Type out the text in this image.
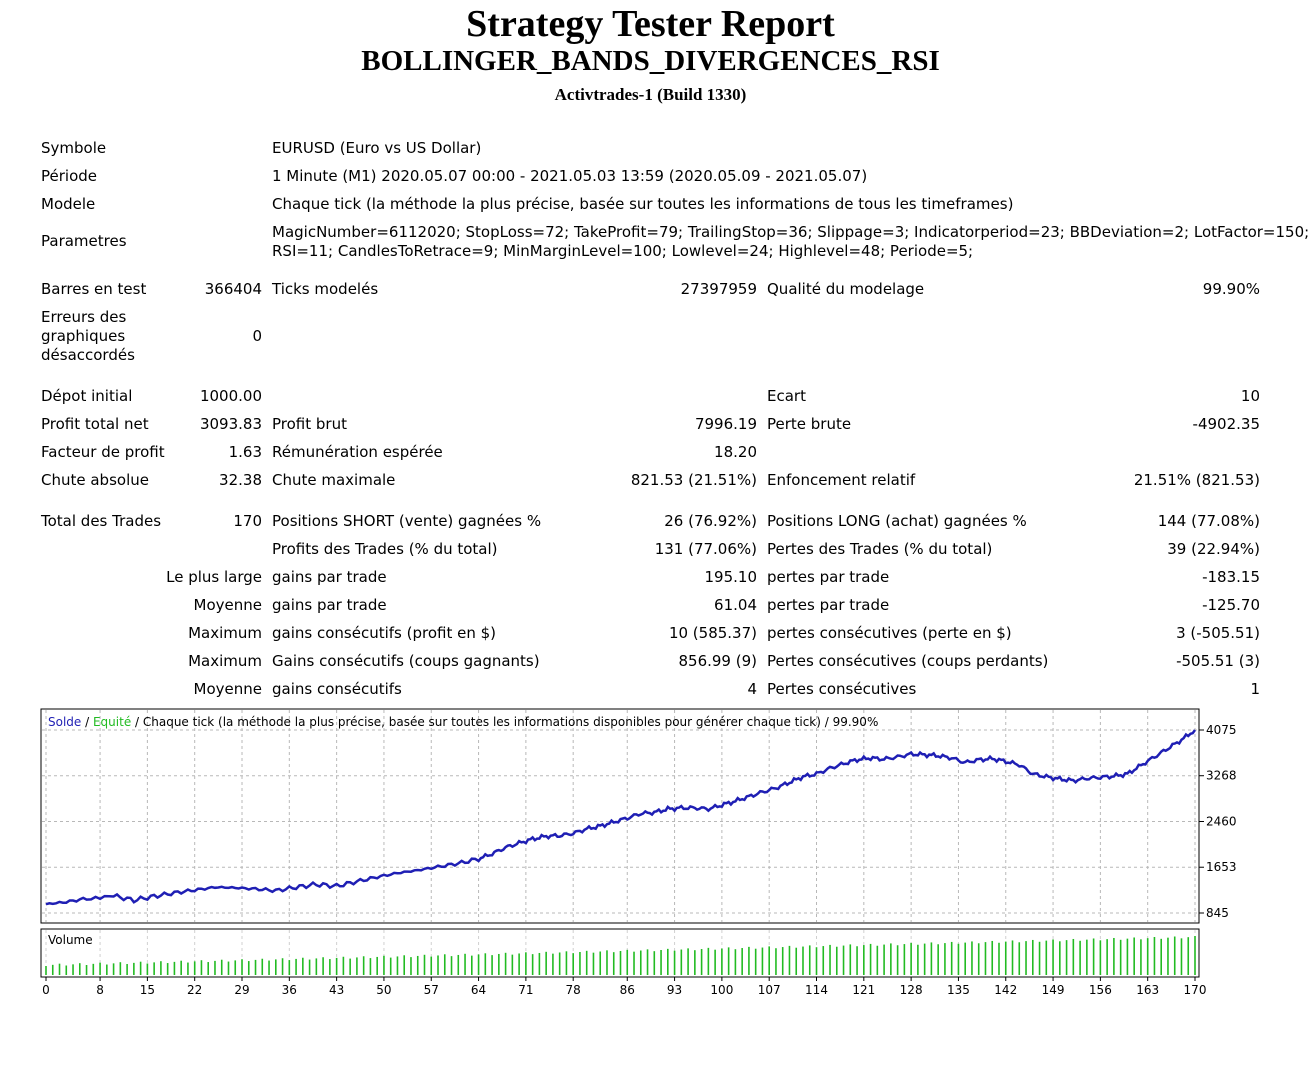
Strategy Tester Report
BOLLINGER_BANDS_DIVERGENCES_RSI
Activtrades-1 (Build 1330)
Symbole	EURUSD (Euro vs US Dollar)
Période	1 Minute (M1) 2020.05.07 00:00 - 2021.05.03 13:59 (2020.05.09 - 2021.05.07)
Modele	Chaque tick (la méthode la plus précise, basée sur toutes les informations de tous les timeframes)
Parametres	MagicNumber=6112020; StopLoss=72; TakeProfit=79; TrailingStop=36; Slippage=3; Indicatorperiod=23; BBDeviation=2; LotFactor=150;
RSI=11; CandlesToRetrace=9; MinMarginLevel=100; Lowlevel=24; Highlevel=48; Periode=5;
Barres en test	366404 Ticks modelés	27397959 Qualité du modelage	99.90%
Erreurs des graphiques désaccordés
0
Dépot initial	1000.00	Ecart	10
Profit total net	3093.83 Profit brut	7996.19 Perte brute	-4902.35
Facteur de profit	1.63 Rémunération espérée	18.20
Chute absolue	32.38 Chute maximale	821.53 (21.51%) Enfoncement relatif	21.51% (821.53)
Total des Trades	170 Positions SHORT (vente) gagnées %	26 (76.92%) Positions LONG (achat) gagnées %	144 (77.08%)
Profits des Trades (% du total)	131 (77.06%) Pertes des Trades (% du total)	39 (22.94%)
Le plus large gains par trade	195.10 pertes par trade	-183.15
Moyenne gains par trade	61.04 pertes par trade	-125.70
Maximum gains consécutifs (profit en $)	10 (585.37) pertes consécutives (perte en $)	3 (-505.51)
Maximum Gains consécutifs (coups gagnants)	856.99 (9) Pertes consécutives (coups perdants)	-505.51 (3)
Moyenne gains consécutifs	4 Pertes consécutives	1
Solde / Equité / Chaque tick (la méthode la plus précise, basée sur toutes les informations disponibles pour générer chaque tick) / 99.90%
Volume
845
1653
2460
3268
4075
0	8	15	22	29	36	43	50	57	64	71	78	86	93 100 107 114 121 128 135 142 149 156 163 170
